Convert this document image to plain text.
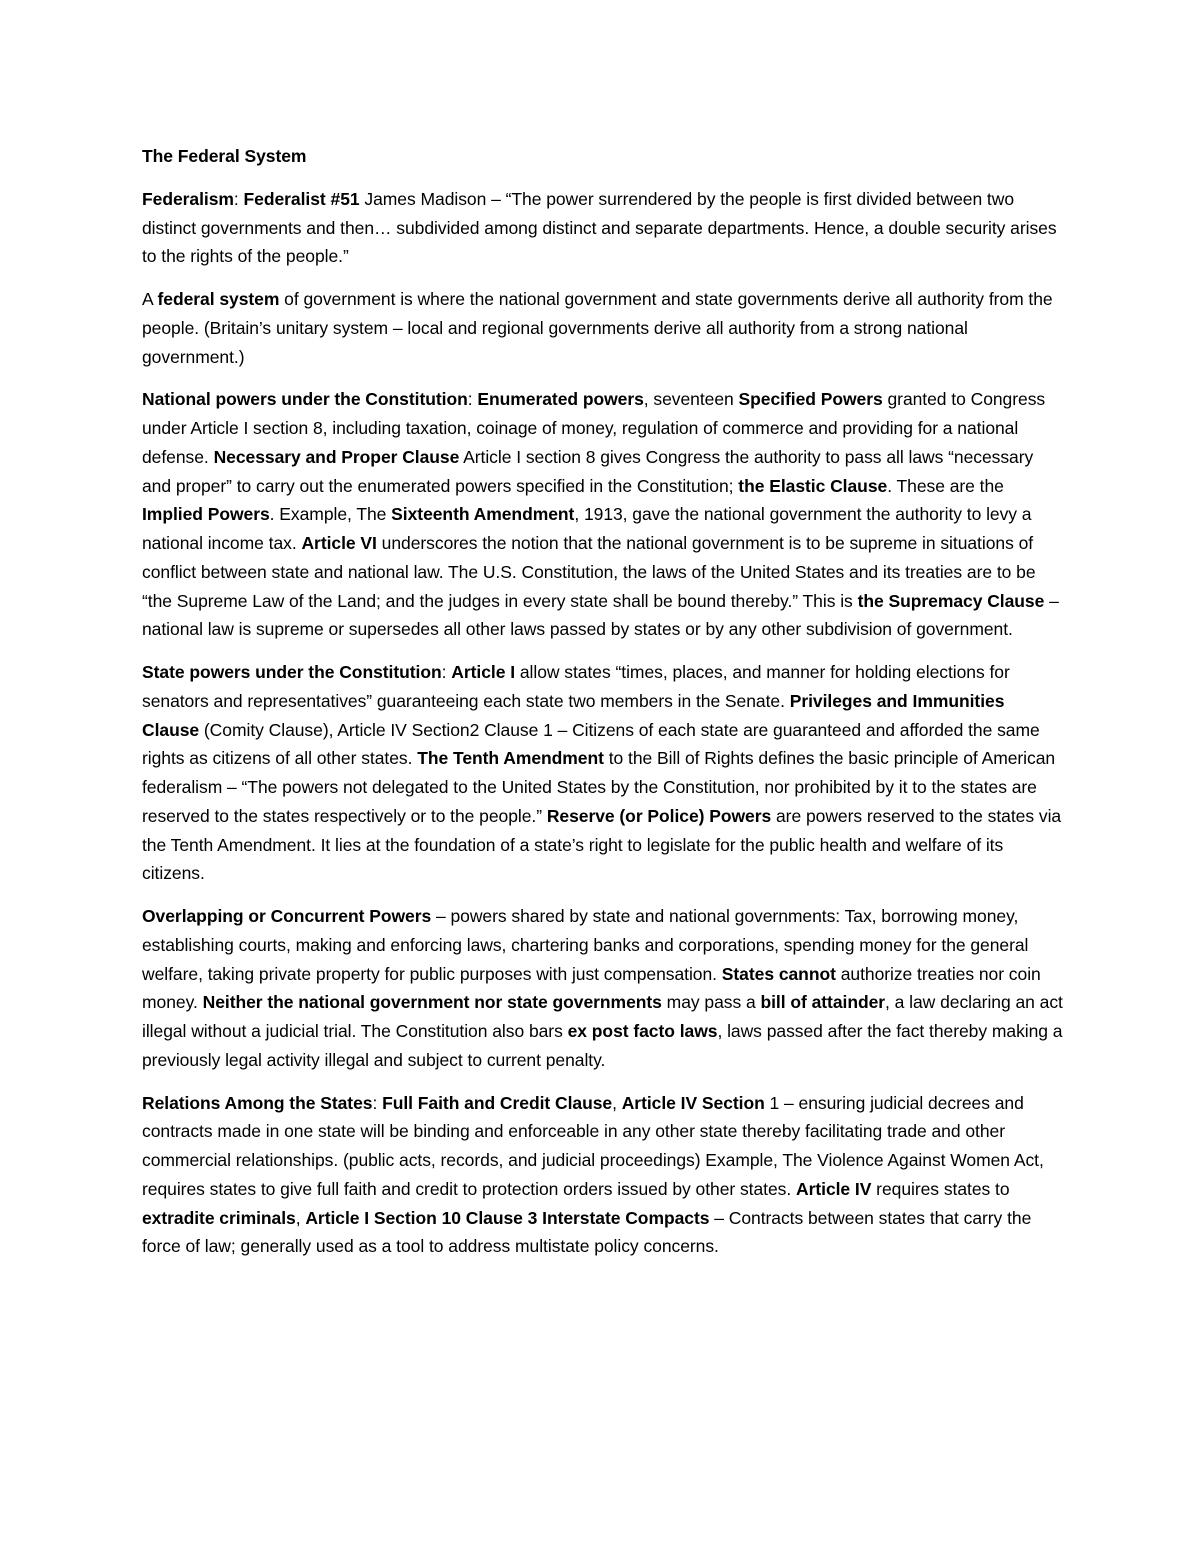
The Federal System

Federalism: Federalist #51 James Madison – “The power surrendered by the people is first divided between two distinct governments and then… subdivided among distinct and separate departments. Hence, a double security arises to the rights of the people.”

A federal system of government is where the national government and state governments derive all authority from the people. (Britain’s unitary system – local and regional governments derive all authority from a strong national government.)

National powers under the Constitution: Enumerated powers, seventeen Specified Powers granted to Congress under Article I section 8, including taxation, coinage of money, regulation of commerce and providing for a national defense. Necessary and Proper Clause Article I section 8 gives Congress the authority to pass all laws “necessary and proper” to carry out the enumerated powers specified in the Constitution; the Elastic Clause. These are the Implied Powers. Example, The Sixteenth Amendment, 1913, gave the national government the authority to levy a national income tax. Article VI underscores the notion that the national government is to be supreme in situations of conflict between state and national law. The U.S. Constitution, the laws of the United States and its treaties are to be “the Supreme Law of the Land; and the judges in every state shall be bound thereby.” This is the Supremacy Clause – national law is supreme or supersedes all other laws passed by states or by any other subdivision of government.

State powers under the Constitution: Article I allow states “times, places, and manner for holding elections for senators and representatives” guaranteeing each state two members in the Senate. Privileges and Immunities Clause (Comity Clause), Article IV Section2 Clause 1 – Citizens of each state are guaranteed and afforded the same rights as citizens of all other states. The Tenth Amendment to the Bill of Rights defines the basic principle of American federalism – “The powers not delegated to the United States by the Constitution, nor prohibited by it to the states are reserved to the states respectively or to the people.” Reserve (or Police) Powers are powers reserved to the states via the Tenth Amendment. It lies at the foundation of a state’s right to legislate for the public health and welfare of its citizens.

Overlapping or Concurrent Powers – powers shared by state and national governments: Tax, borrowing money, establishing courts, making and enforcing laws, chartering banks and corporations, spending money for the general welfare, taking private property for public purposes with just compensation. States cannot authorize treaties nor coin money. Neither the national government nor state governments may pass a bill of attainder, a law declaring an act illegal without a judicial trial. The Constitution also bars ex post facto laws, laws passed after the fact thereby making a previously legal activity illegal and subject to current penalty.

Relations Among the States: Full Faith and Credit Clause, Article IV Section 1 – ensuring judicial decrees and contracts made in one state will be binding and enforceable in any other state thereby facilitating trade and other commercial relationships. (public acts, records, and judicial proceedings) Example, The Violence Against Women Act, requires states to give full faith and credit to protection orders issued by other states. Article IV requires states to extradite criminals, Article I Section 10 Clause 3 Interstate Compacts – Contracts between states that carry the force of law; generally used as a tool to address multistate policy concerns.
